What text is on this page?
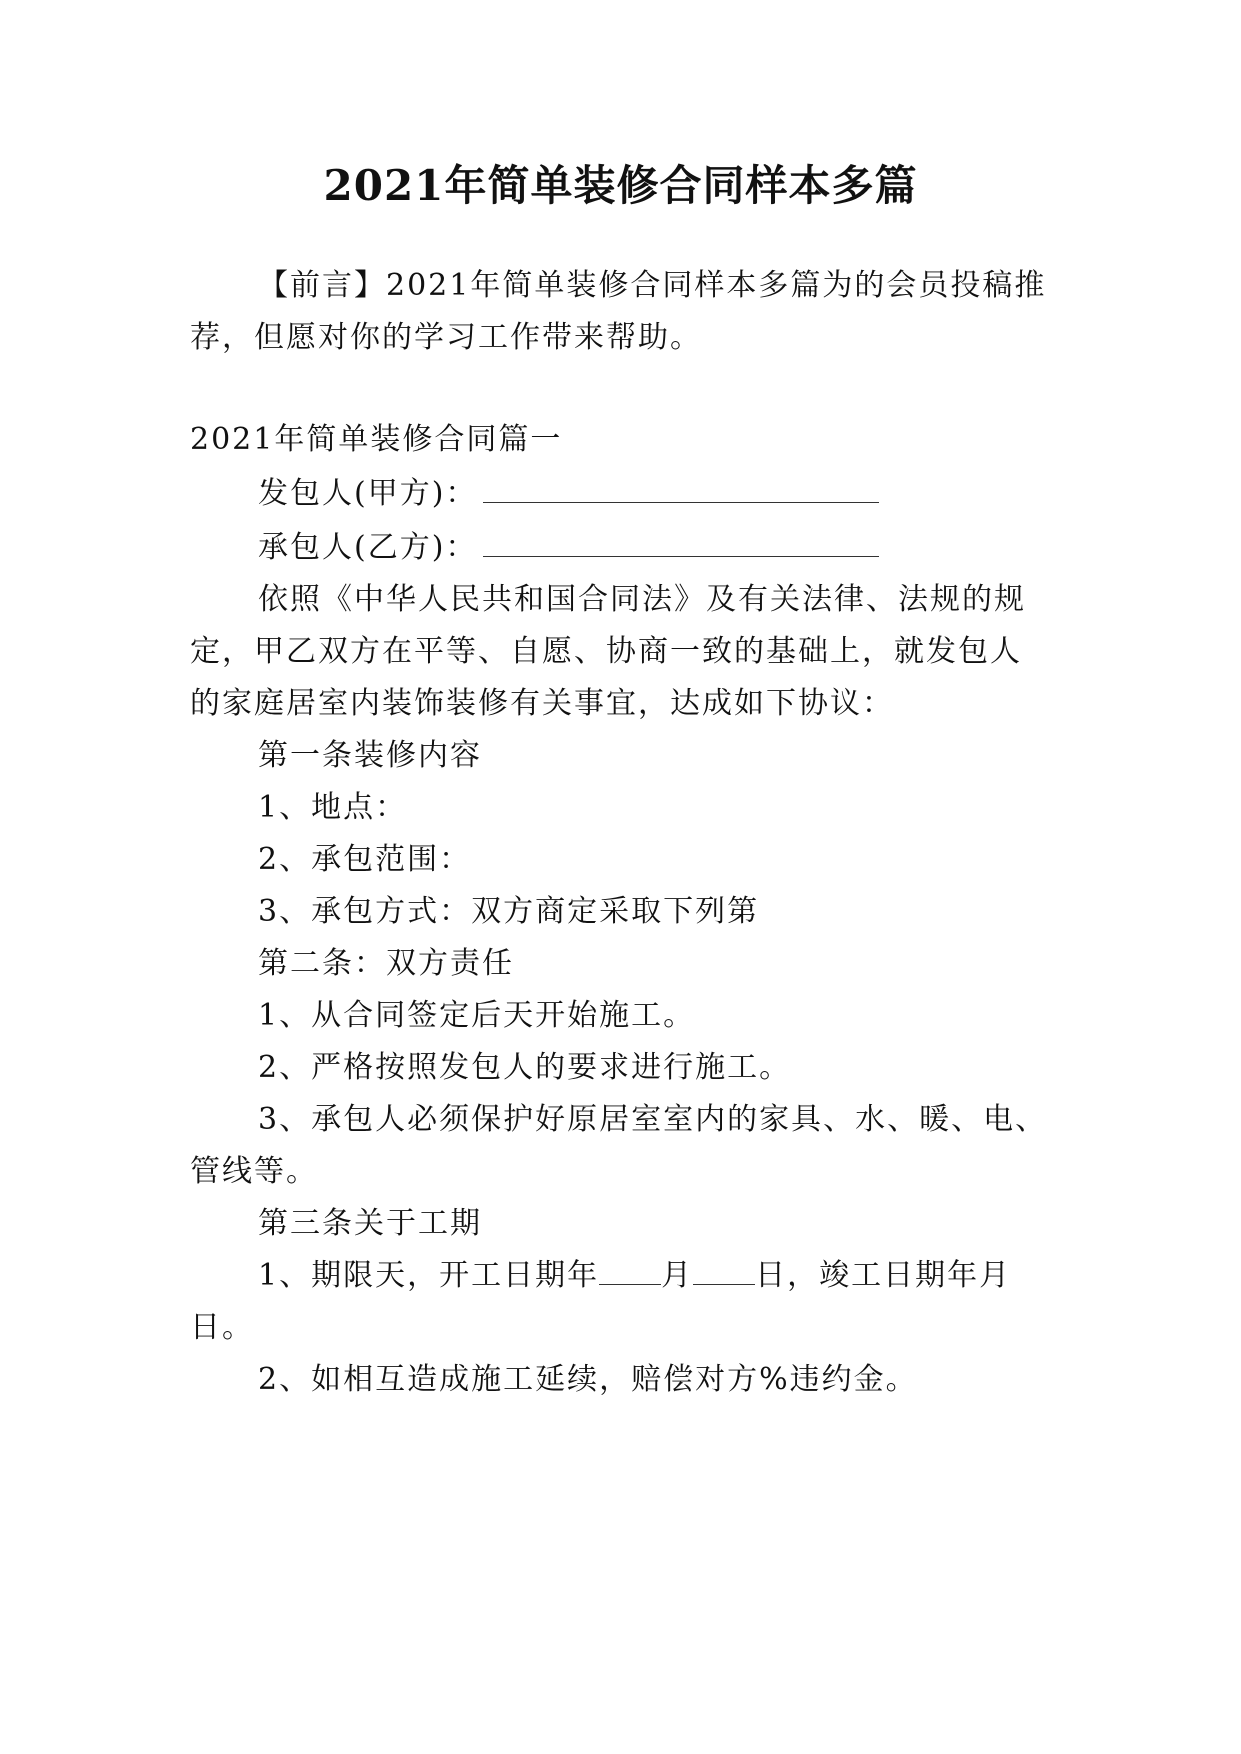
2021年简单装修合同样本多篇
【前言】2021年简单装修合同样本多篇为的会员投稿推
荐，但愿对你的学习工作带来帮助。
2021年简单装修合同篇一
发包人(甲方)：
承包人(乙方)：
依照《中华人民共和国合同法》及有关法律、法规的规
定，甲乙双方在平等、自愿、协商一致的基础上，就发包人
的家庭居室内装饰装修有关事宜，达成如下协议：
第一条装修内容
1、地点：
2、承包范围：
3、承包方式：双方商定采取下列第
第二条：双方责任
1、从合同签定后天开始施工。
2、严格按照发包人的要求进行施工。
3、承包人必须保护好原居室室内的家具、水、暖、电、
管线等。
第三条关于工期
1、期限天，开工日期年 月 日，竣工日期年月
日。
2、如相互造成施工延续，赔偿对方%违约金。
